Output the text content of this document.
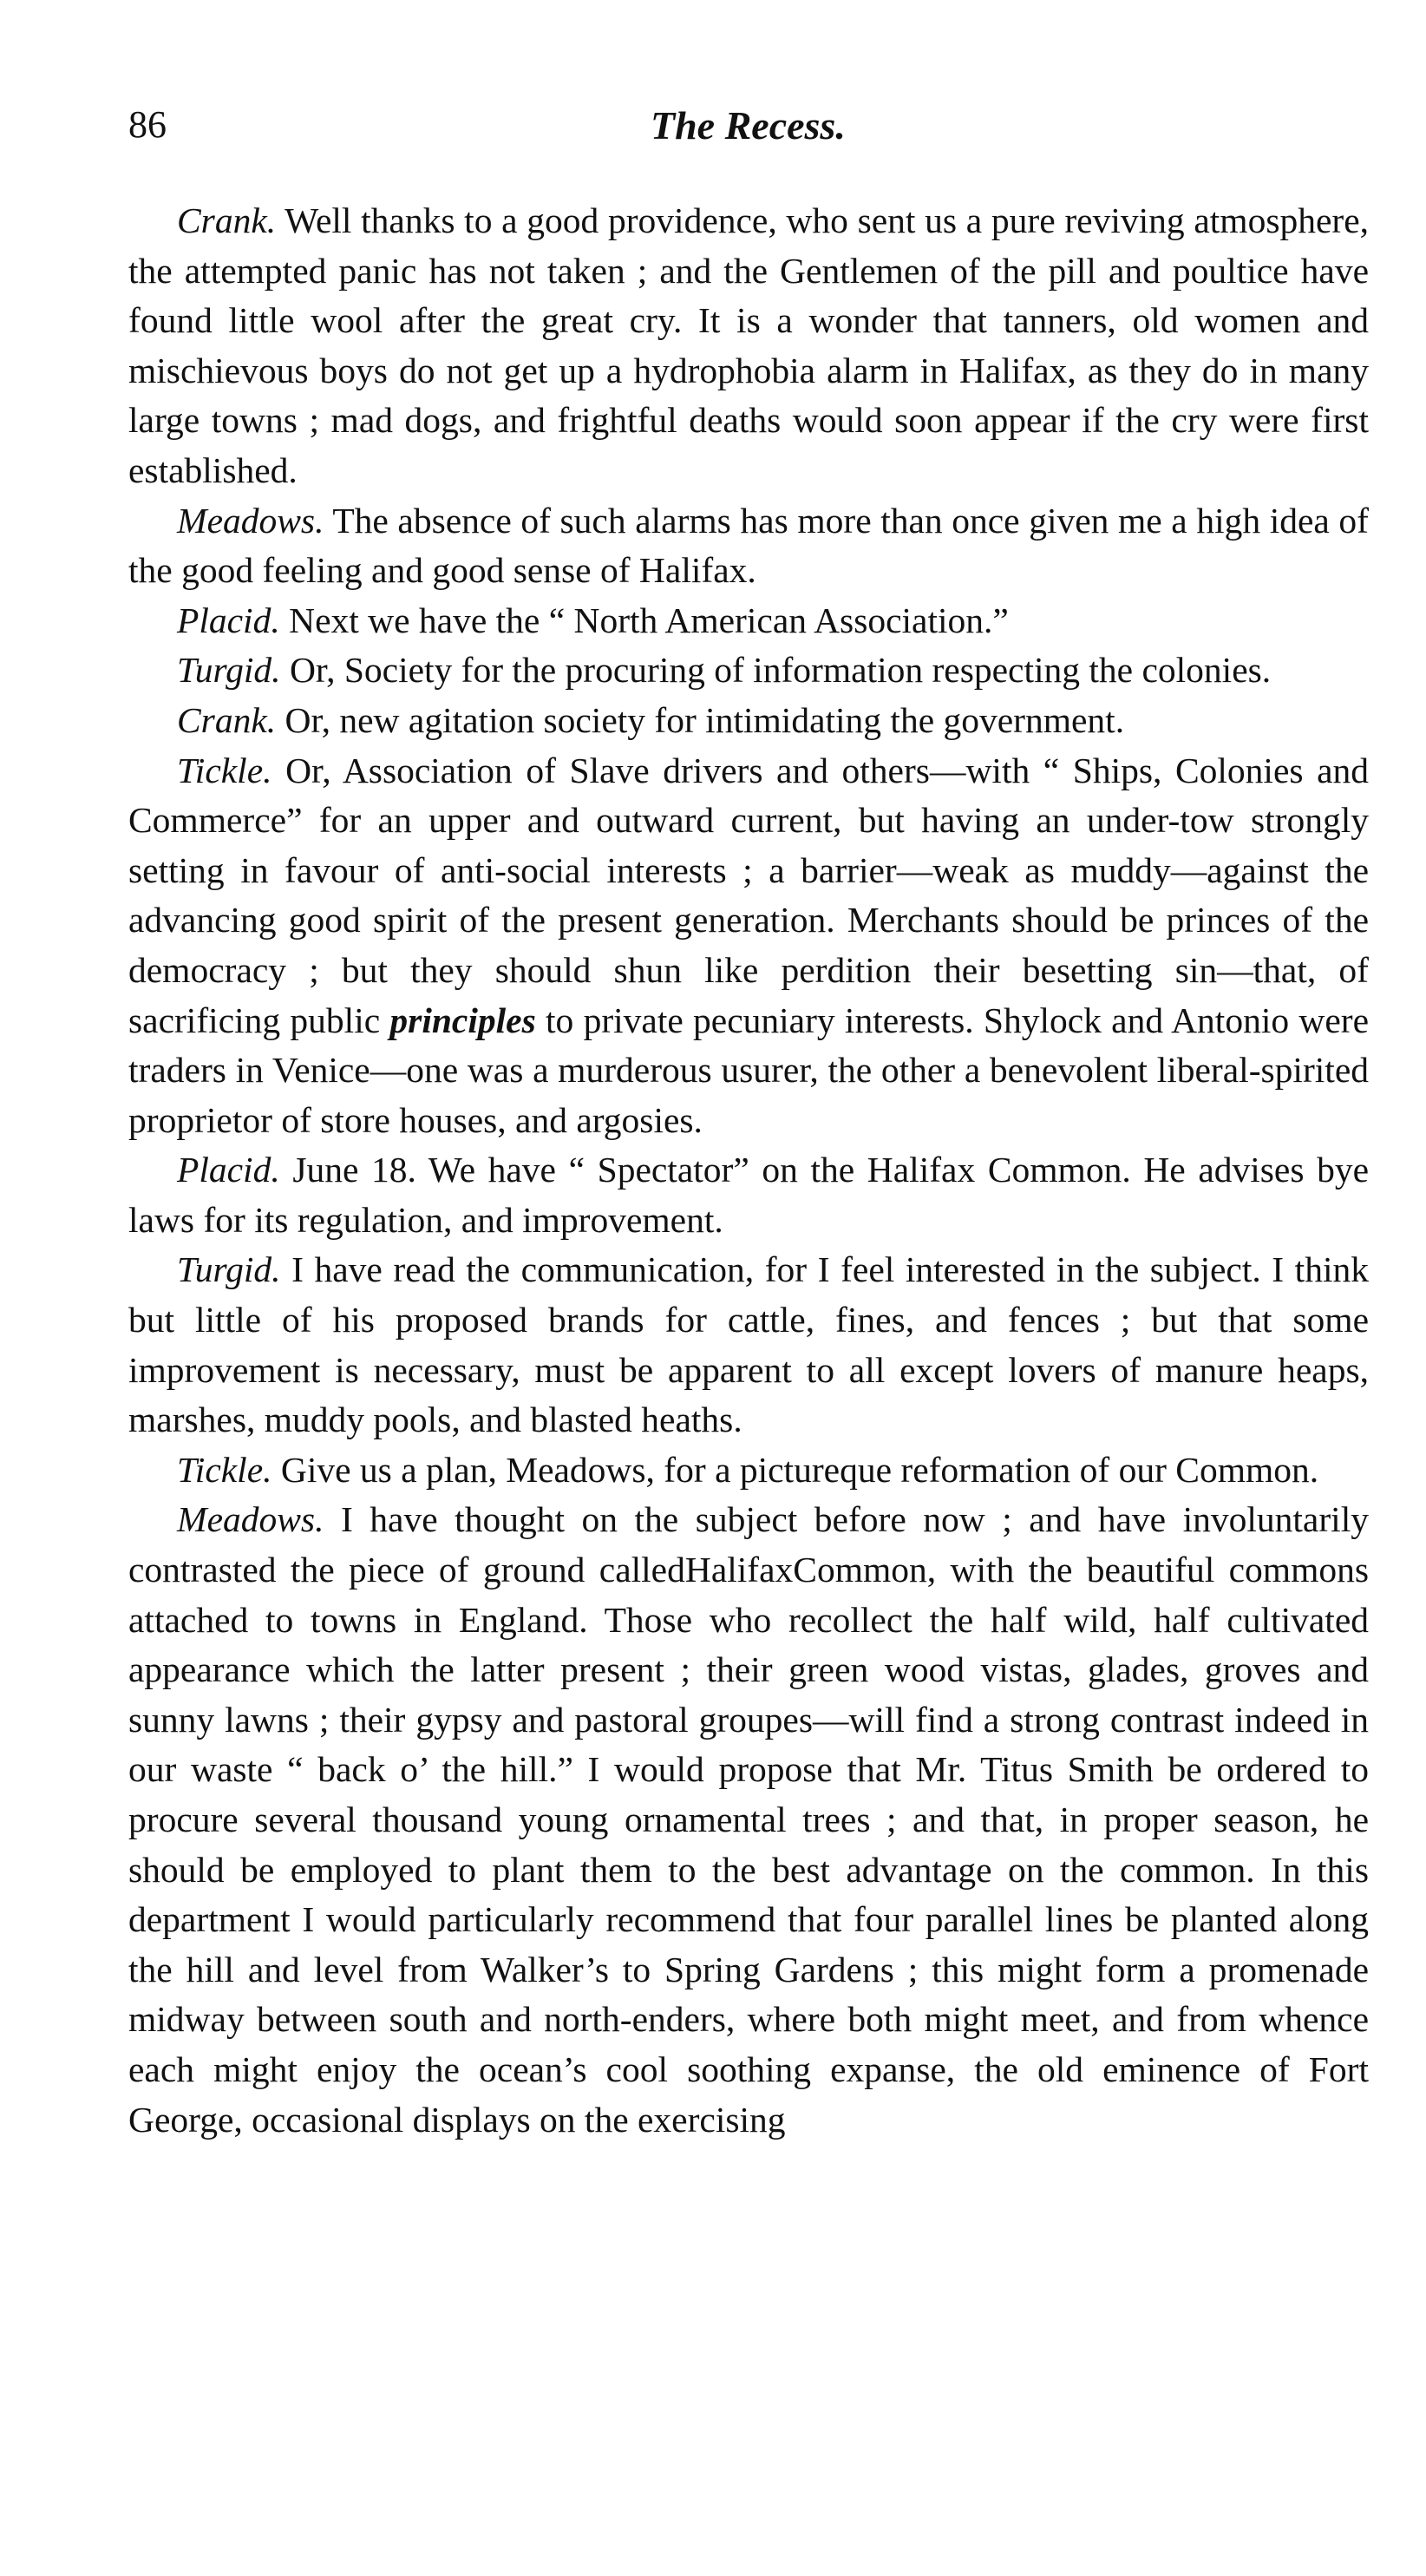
86	The Recess.

Crank. Well thanks to a good providence, who sent us a pure reviving atmosphere, the attempted panic has not taken ; and the Gentlemen of the pill and poultice have found little wool after the great cry. It is a wonder that tanners, old women and mischievous boys do not get up a hydrophobia alarm in Halifax, as they do in many large towns ; mad dogs, and frightful deaths would soon appear if the cry were first established.

Meadows. The absence of such alarms has more than once given me a high idea of the good feeling and good sense of Halifax.

Placid. Next we have the “ North American Association.”

Turgid. Or, Society for the procuring of information respecting the colonies.

Crank. Or, new agitation society for intimidating the government.

Tickle. Or, Association of Slave drivers and others—with “ Ships, Colonies and Commerce” for an upper and outward current, but having an under-tow strongly setting in favour of anti-social interests ; a barrier—weak as muddy—against the advancing good spirit of the present generation. Merchants should be princes of the democracy ; but they should shun like perdition their besetting sin—that, of sacrificing public principles to private pecuniary interests. Shylock and Antonio were traders in Venice—one was a murderous usurer, the other a benevolent liberal-spirited proprietor of store houses, and argosies.

Placid. June 18. We have “ Spectator” on the Halifax Common. He advises bye laws for its regulation, and improvement.

Turgid. I have read the communication, for I feel interested in the subject. I think but little of his proposed brands for cattle, fines, and fences ; but that some improvement is necessary, must be apparent to all except lovers of manure heaps, marshes, muddy pools, and blasted heaths.

Tickle. Give us a plan, Meadows, for a pictureque reformation of our Common.

Meadows. I have thought on the subject before now ; and have involuntarily contrasted the piece of ground calledHalifaxCommon, with the beautiful commons attached to towns in England. Those who recollect the half wild, half cultivated appearance which the latter present ; their green wood vistas, glades, groves and sunny lawns ; their gypsy and pastoral groupes—will find a strong contrast indeed in our waste “ back o’ the hill.” I would propose that Mr. Titus Smith be ordered to procure several thousand young ornamental trees ; and that, in proper season, he should be employed to plant them to the best advantage on the common. In this department I would particularly recommend that four parallel lines be planted along the hill and level from Walker’s to Spring Gardens ; this might form a promenade midway between south and north-enders, where both might meet, and from whence each might enjoy the ocean’s cool soothing expanse, the old eminence of Fort George, occasional displays on the exercising
